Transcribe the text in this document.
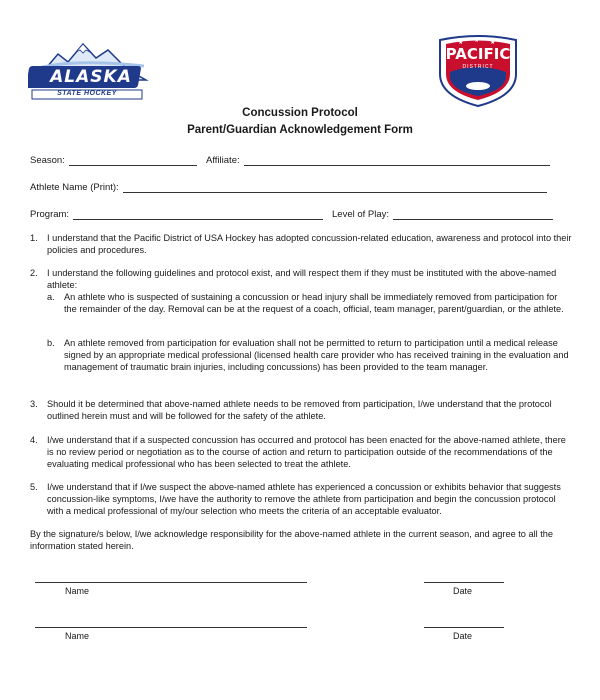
ALASKA
STATE HOCKEY
★ ★ ★
PACIFIC
DISTRICT
Concussion Protocol
Parent/Guardian Acknowledgement Form
Season:	Affiliate:
Athlete Name (Print):
Program:	Level of Play:
1. I understand that the Pacific District of USA Hockey has adopted concussion-related education, awareness and protocol into their policies and procedures.
2. I understand the following guidelines and protocol exist, and will respect them if they must be instituted with the above-named athlete:
a. An athlete who is suspected of sustaining a concussion or head injury shall be immediately removed from participation for the remainder of the day. Removal can be at the request of a coach, official, team manager, parent/guardian, or the athlete.
b. An athlete removed from participation for evaluation shall not be permitted to return to participation until a medical release signed by an appropriate medical professional (licensed health care provider who has received training in the evaluation and management of traumatic brain injuries, including concussions) has been provided to the team manager.
3. Should it be determined that above-named athlete needs to be removed from participation, I/we understand that the protocol outlined herein must and will be followed for the safety of the athlete.
4. I/we understand that if a suspected concussion has occurred and protocol has been enacted for the above-named athlete, there is no review period or negotiation as to the course of action and return to participation outside of the recommendations of the evaluating medical professional who has been selected to treat the athlete.
5. I/we understand that if I/we suspect the above-named athlete has experienced a concussion or exhibits behavior that suggests concussion-like symptoms, I/we have the authority to remove the athlete from participation and begin the concussion protocol with a medical professional of my/our selection who meets the criteria of an acceptable evaluator.
By the signature/s below, I/we acknowledge responsibility for the above-named athlete in the current season, and agree to all the information stated herein.
Name	Date
Name	Date
